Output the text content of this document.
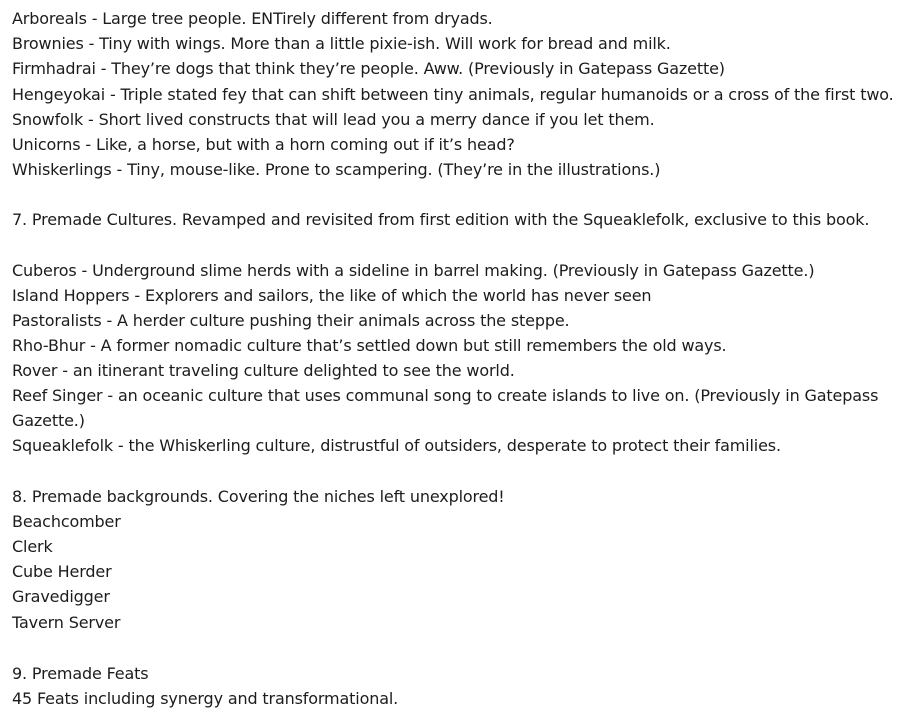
Arboreals - Large tree people. ENTirely different from dryads.
Brownies - Tiny with wings. More than a little pixie-ish. Will work for bread and milk.
Firmhadrai - They’re dogs that think they’re people. Aww. (Previously in Gatepass Gazette)
Hengeyokai - Triple stated fey that can shift between tiny animals, regular humanoids or a cross of the first two.
Snowfolk - Short lived constructs that will lead you a merry dance if you let them.
Unicorns - Like, a horse, but with a horn coming out if it’s head?
Whiskerlings - Tiny, mouse-like. Prone to scampering. (They’re in the illustrations.)
7. Premade Cultures. Revamped and revisited from first edition with the Squeaklefolk, exclusive to this book.
Cuberos - Underground slime herds with a sideline in barrel making. (Previously in Gatepass Gazette.)
Island Hoppers - Explorers and sailors, the like of which the world has never seen
Pastoralists - A herder culture pushing their animals across the steppe.
Rho-Bhur - A former nomadic culture that’s settled down but still remembers the old ways.
Rover - an itinerant traveling culture delighted to see the world.
Reef Singer - an oceanic culture that uses communal song to create islands to live on. (Previously in Gatepass
Gazette.)
Squeaklefolk - the Whiskerling culture, distrustful of outsiders, desperate to protect their families.
8. Premade backgrounds. Covering the niches left unexplored!
Beachcomber
Clerk
Cube Herder
Gravedigger
Tavern Server
9. Premade Feats
45 Feats including synergy and transformational.
